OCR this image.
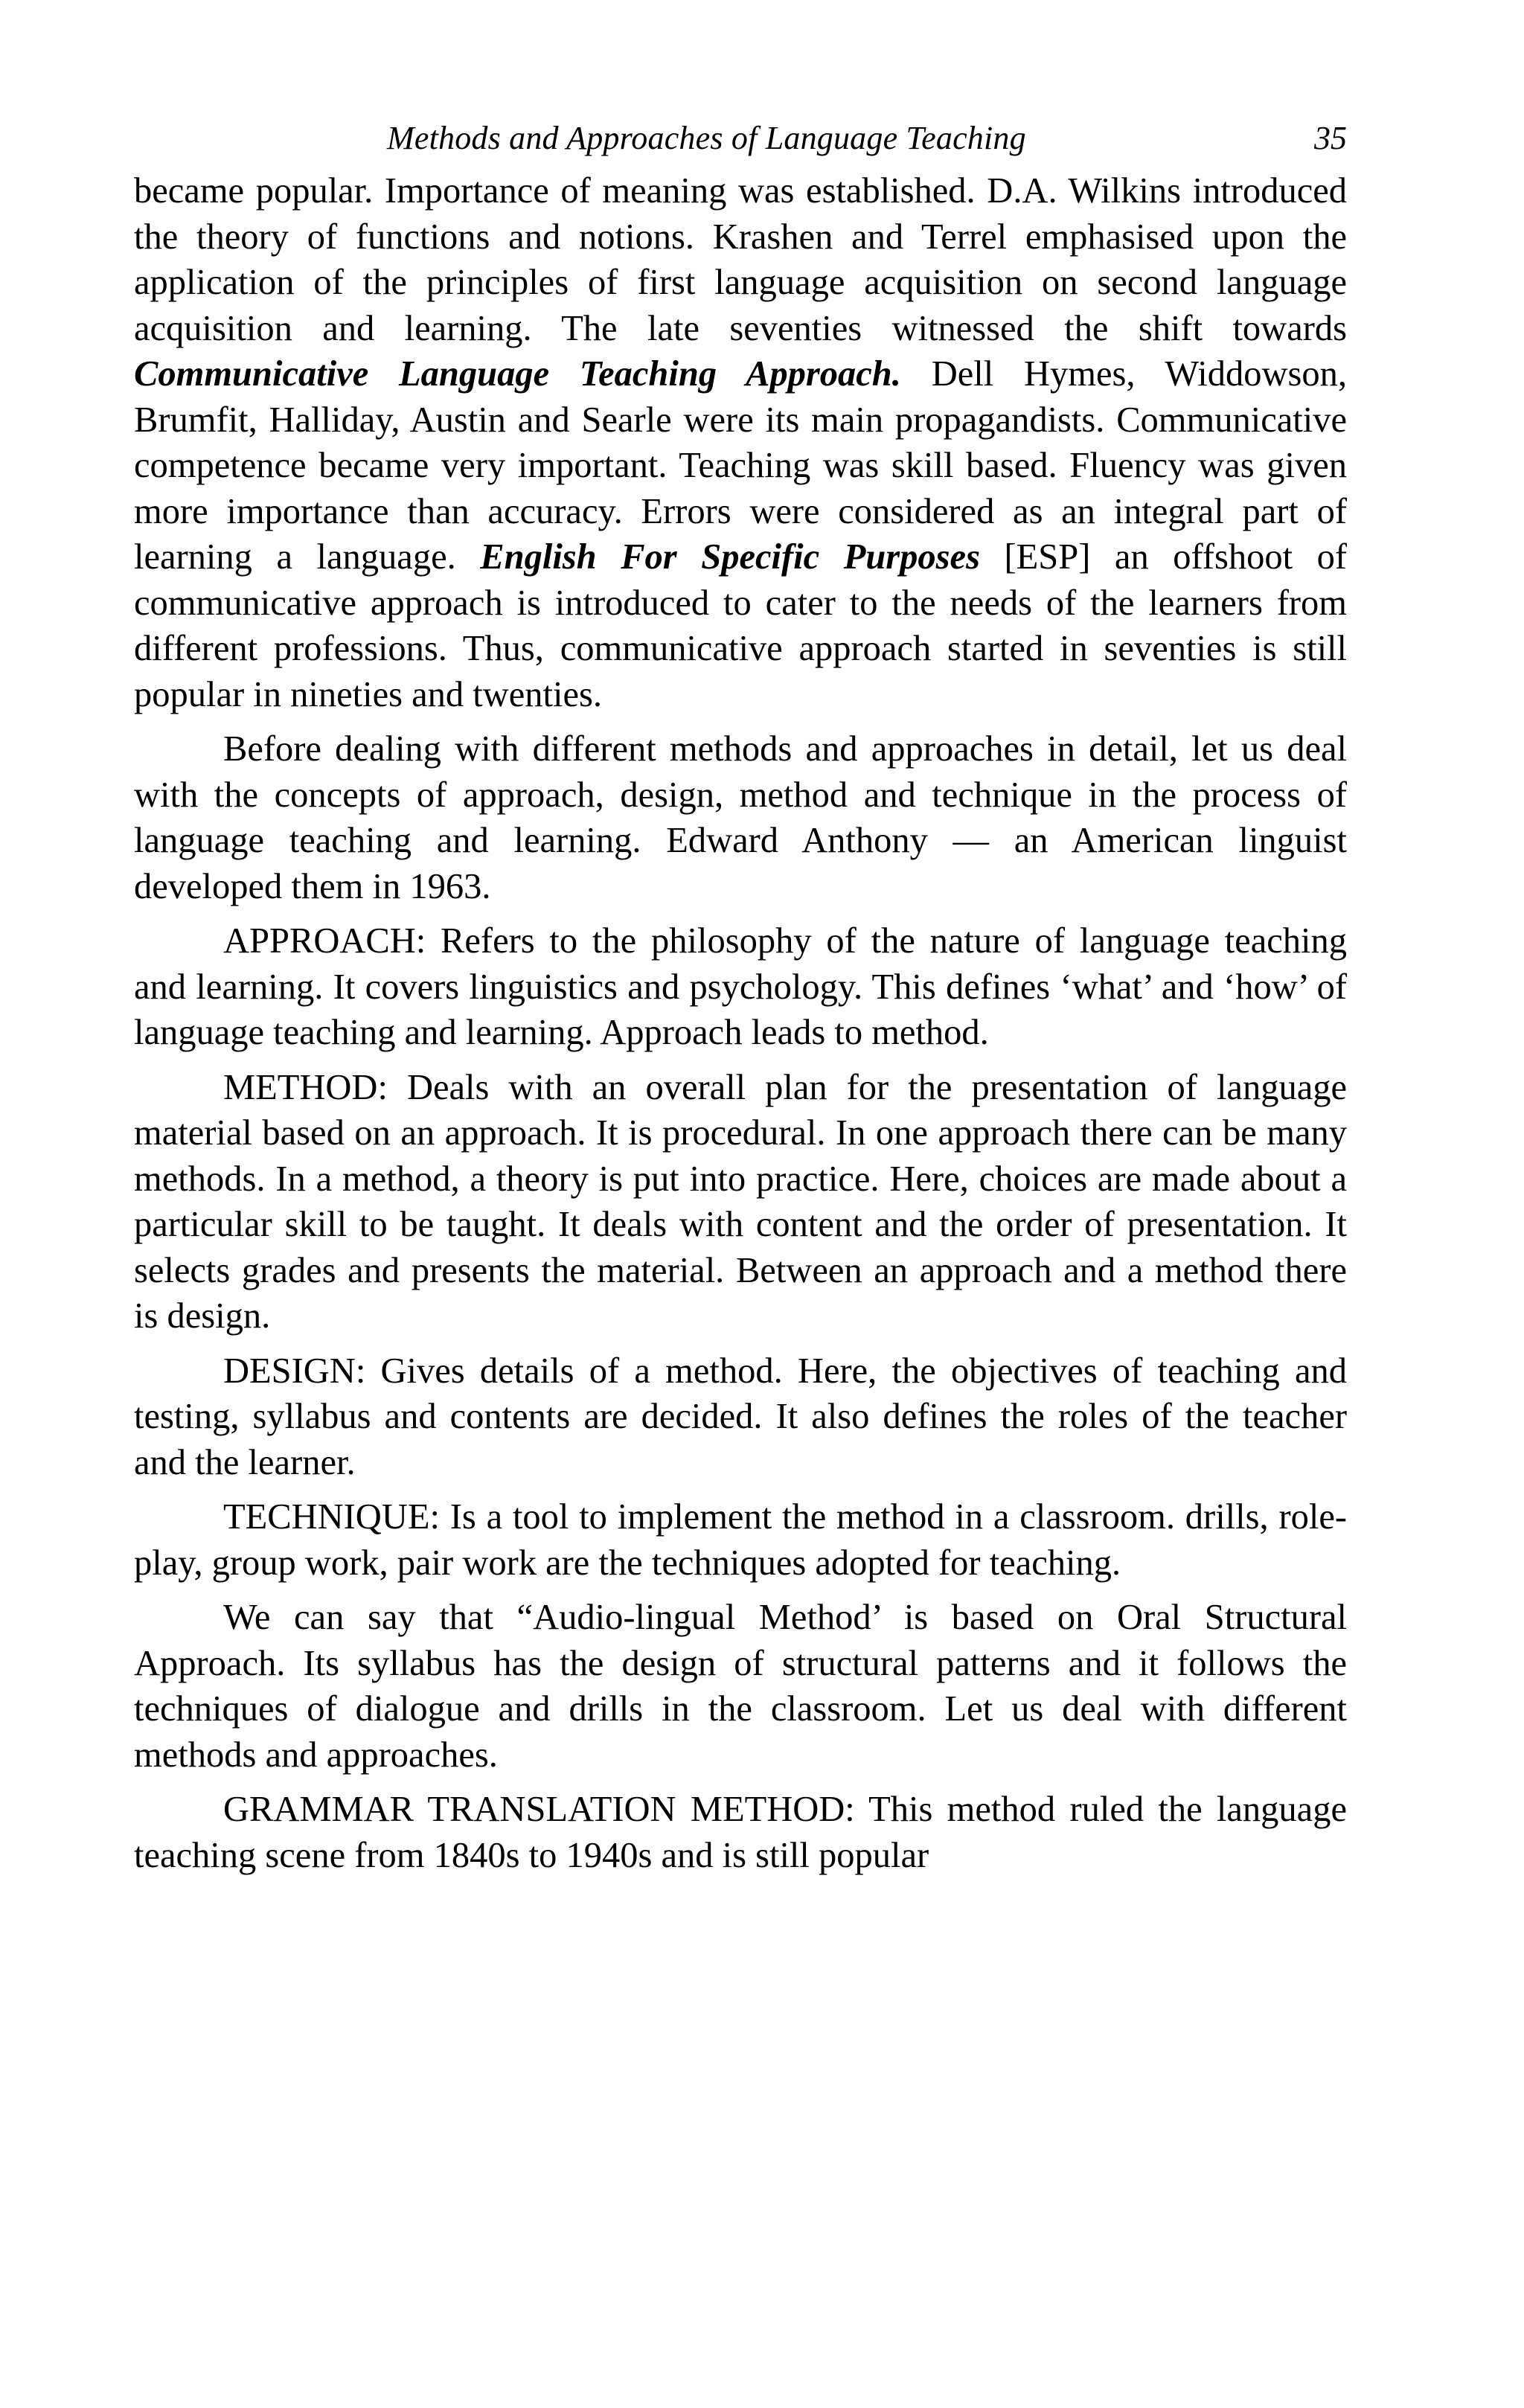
Methods and Approaches of Language Teaching	35

became popular. Importance of meaning was established. D.A. Wilkins introduced the theory of functions and notions. Krashen and Terrel emphasised upon the application of the principles of first language acquisition on second language acquisition and learning. The late seventies witnessed the shift towards Communicative Language Teaching Approach. Dell Hymes, Widdowson, Brumfit, Halliday, Austin and Searle were its main propagandists. Communicative competence became very important. Teaching was skill based. Fluency was given more importance than accuracy. Errors were considered as an integral part of learning a language. English For Specific Purposes [ESP] an offshoot of communicative approach is introduced to cater to the needs of the learners from different professions. Thus, communicative approach started in seventies is still popular in nineties and twenties.

Before dealing with different methods and approaches in detail, let us deal with the concepts of approach, design, method and technique in the process of language teaching and learning. Edward Anthony — an American linguist developed them in 1963.

APPROACH: Refers to the philosophy of the nature of language teaching and learning. It covers linguistics and psychology. This defines ‘what’ and ‘how’ of language teaching and learning. Approach leads to method.

METHOD: Deals with an overall plan for the presentation of language material based on an approach. It is procedural. In one approach there can be many methods. In a method, a theory is put into practice. Here, choices are made about a particular skill to be taught. It deals with content and the order of presentation. It selects grades and presents the material. Between an approach and a method there is design.

DESIGN: Gives details of a method. Here, the objectives of teaching and testing, syllabus and contents are decided. It also defines the roles of the teacher and the learner.

TECHNIQUE: Is a tool to implement the method in a classroom. drills, role-play, group work, pair work are the techniques adopted for teaching.

We can say that “Audio-lingual Method’ is based on Oral Structural Approach. Its syllabus has the design of structural patterns and it follows the techniques of dialogue and drills in the classroom. Let us deal with different methods and approaches.

GRAMMAR TRANSLATION METHOD: This method ruled the language teaching scene from 1840s to 1940s and is still popular
